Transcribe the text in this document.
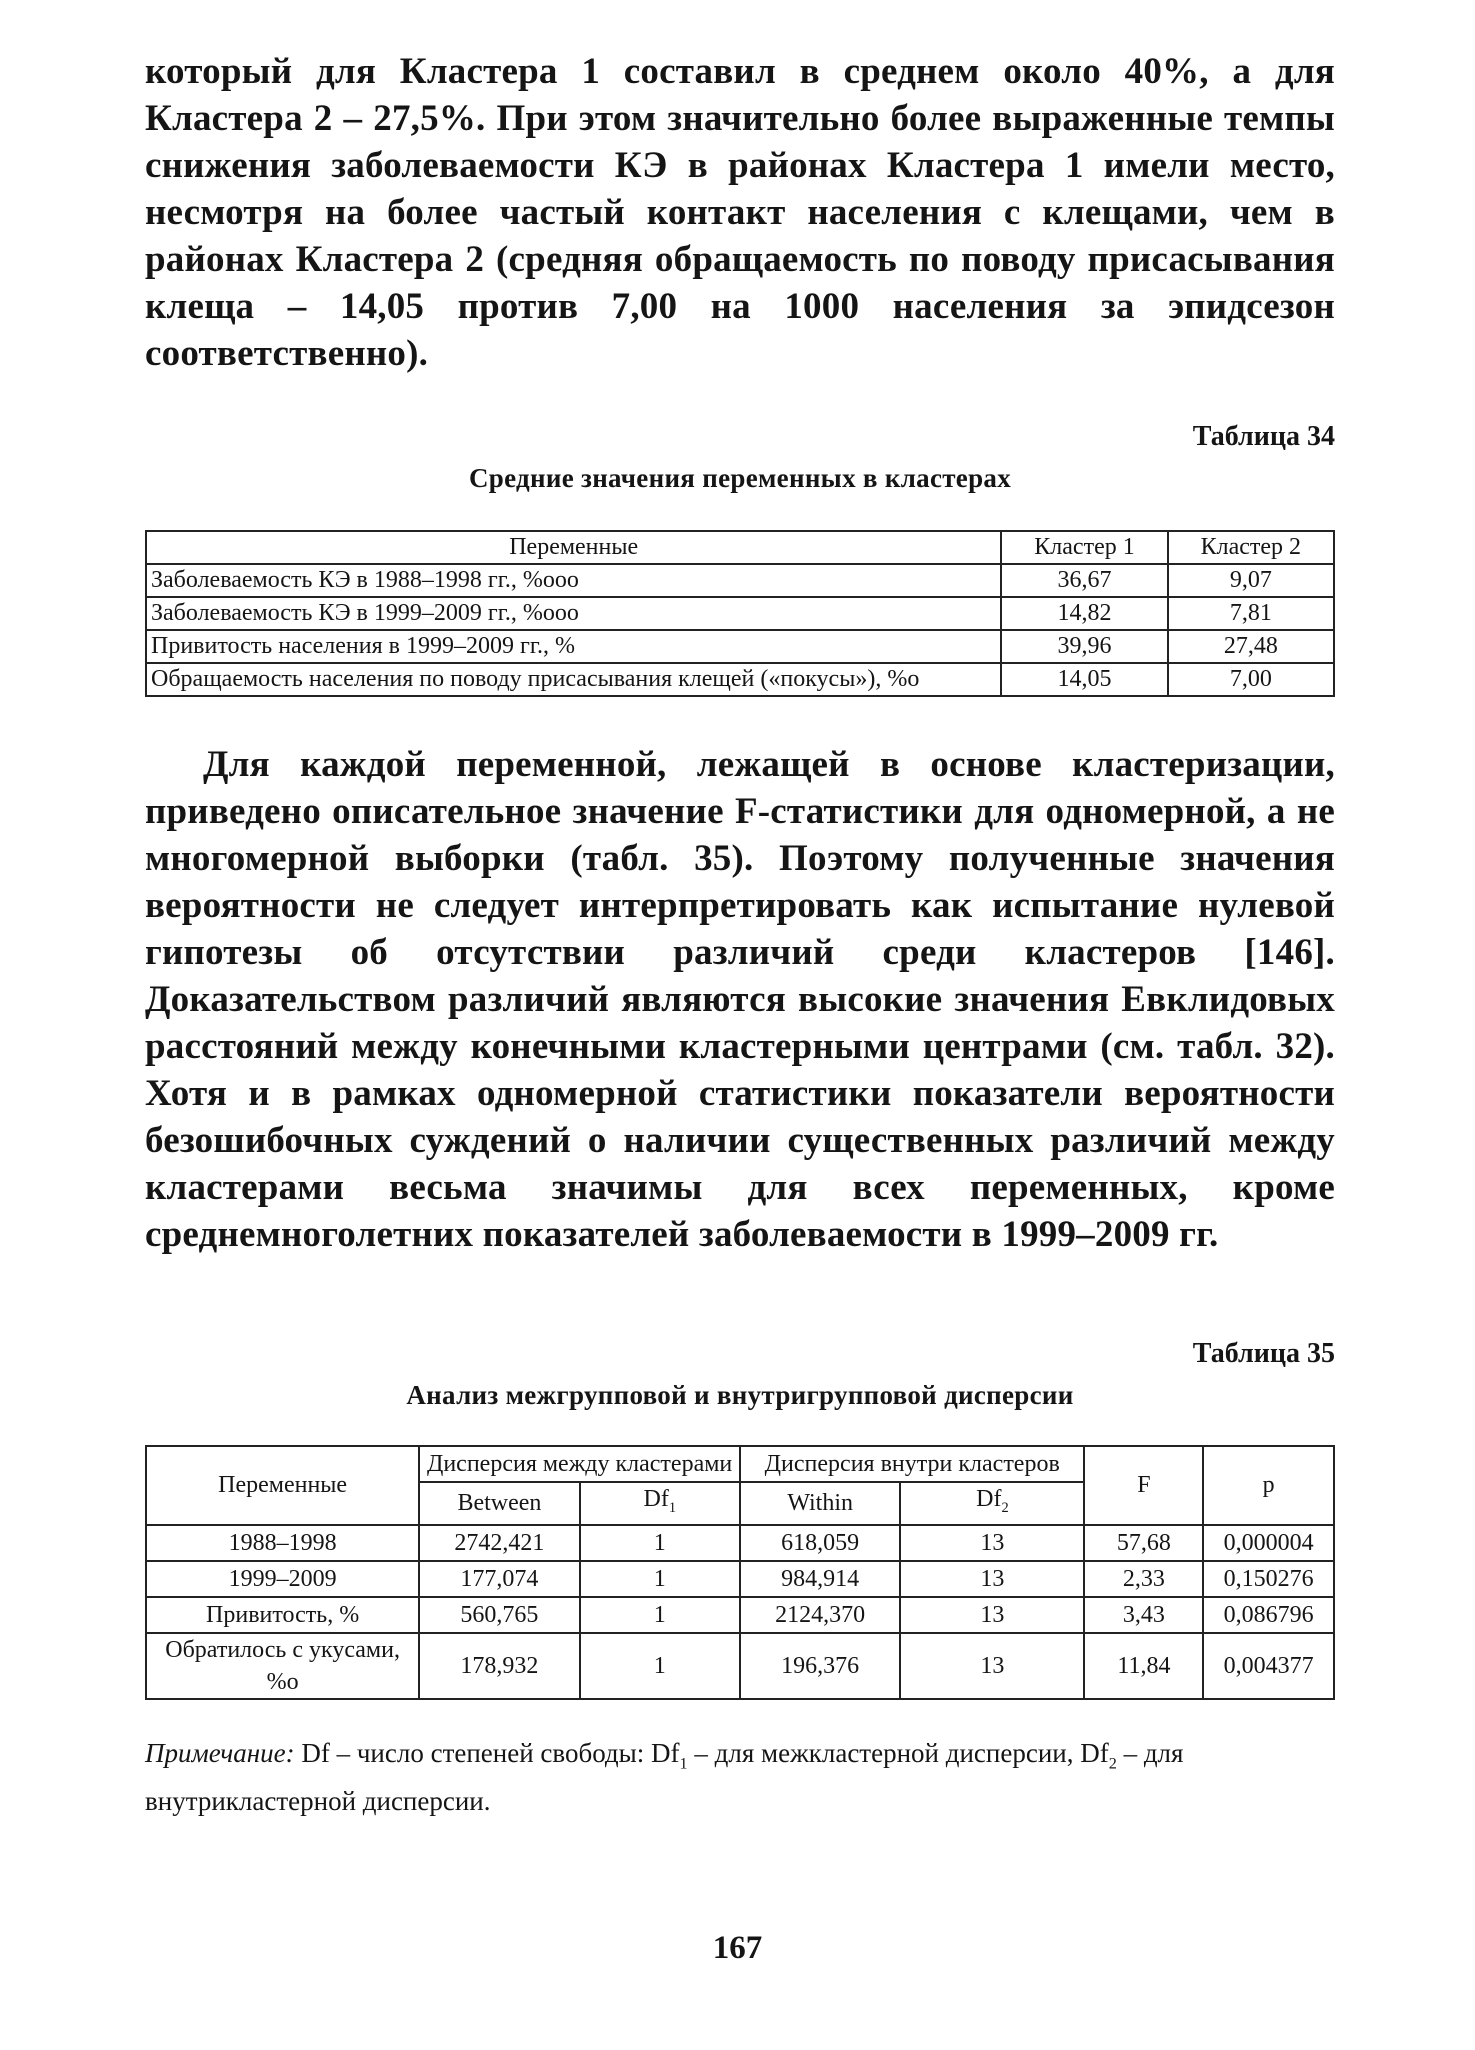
который для Кластера 1 составил в среднем около 40%, а для Кластера 2 – 27,5%. При этом значительно более выраженные темпы снижения заболеваемости КЭ в районах Кластера 1 имели место, несмотря на более частый контакт населения с клещами, чем в районах Кластера 2 (средняя обращаемость по поводу присасывания клеща – 14,05 против 7,00 на 1000 населения за эпидсезон соответственно).

Таблица 34

Средние значения переменных в кластерах

Переменные	Кластер 1	Кластер 2
Заболеваемость КЭ в 1988–1998 гг., %ооо	36,67	9,07
Заболеваемость КЭ в 1999–2009 гг., %ооо	14,82	7,81
Привитость населения в 1999–2009 гг., %	39,96	27,48
Обращаемость населения по поводу присасывания клещей («покусы»), %о	14,05	7,00

Для каждой переменной, лежащей в основе кластеризации, приведено описательное значение F-статистики для одномерной, а не многомерной выборки (табл. 35). Поэтому полученные значения вероятности не следует интерпретировать как испытание нулевой гипотезы об отсутствии различий среди кластеров [146]. Доказательством различий являются высокие значения Евклидовых расстояний между конечными кластерными центрами (см. табл. 32). Хотя и в рамках одномерной статистики показатели вероятности безошибочных суждений о наличии существенных различий между кластерами весьма значимы для всех переменных, кроме среднемноголетних показателей заболеваемости в 1999–2009 гг.

Таблица 35

Анализ межгрупповой и внутригрупповой дисперсии

Переменные	Дисперсия между кластерами		Дисперсия внутри кластеров		F	p
	Between	$Df_1$	Within	$Df_2$
1988–1998	2742,421	1	618,059	13	57,68	0,000004
1999–2009	177,074	1	984,914	13	2,33	0,150276
Привитость, %	560,765	1	2124,370	13	3,43	0,086796
Обратилось с укусами, %о	178,932	1	196,376	13	11,84	0,004377

Примечание: Df – число степеней свободы: $Df_1$ – для межкластерной дисперсии, $Df_2$ – для внутрикластерной дисперсии.

167
